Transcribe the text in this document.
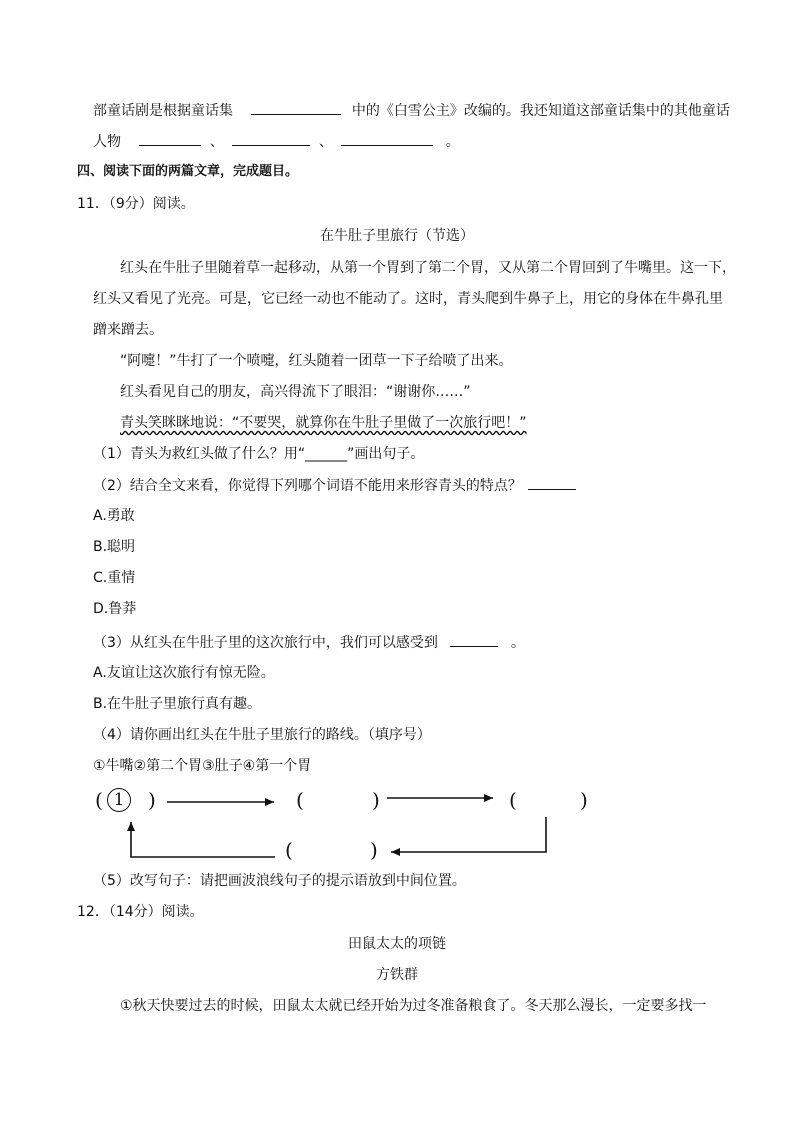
部童话剧是根据童话集	中的《白雪公主》改编的。我还知道这部童话集中的其他童话
人物	、	、	。
四、阅读下面的两篇文章，完成题目。
11．（9分）阅读。
在牛肚子里旅行（节选）
红头在牛肚子里随着草一起移动，从第一个胃到了第二个胃，又从第二个胃回到了牛嘴里。这一下，
红头又看见了光亮。可是，它已经一动也不能动了。这时，青头爬到牛鼻子上，用它的身体在牛鼻孔里
蹭来蹭去。
“阿嚏！”牛打了一个喷嚏，红头随着一团草一下子给喷了出来。
红头看见自己的朋友，高兴得流下了眼泪：“谢谢你……”
青头笑眯眯地说：“不要哭，就算你在牛肚子里做了一次旅行吧！”
（1）青头为救红头做了什么？用“______”画出句子。
（2）结合全文来看，你觉得下列哪个词语不能用来形容青头的特点？
A.勇敢
B.聪明
C.重情
D.鲁莽
（3）从红头在牛肚子里的这次旅行中，我们可以感受到	。
A.友谊让这次旅行有惊无险。
B.在牛肚子里旅行真有趣。
（4）请你画出红头在牛肚子里旅行的路线。（填序号）
①牛嘴②第二个胃③肚子④第一个胃
( 1	)	(	)	(	)
(	)
（5）改写句子：请把画波浪线句子的提示语放到中间位置。
12．（14分）阅读。
田鼠太太的项链
方铁群
①秋天快要过去的时候，田鼠太太就已经开始为过冬准备粮食了。冬天那么漫长，一定要多找一
